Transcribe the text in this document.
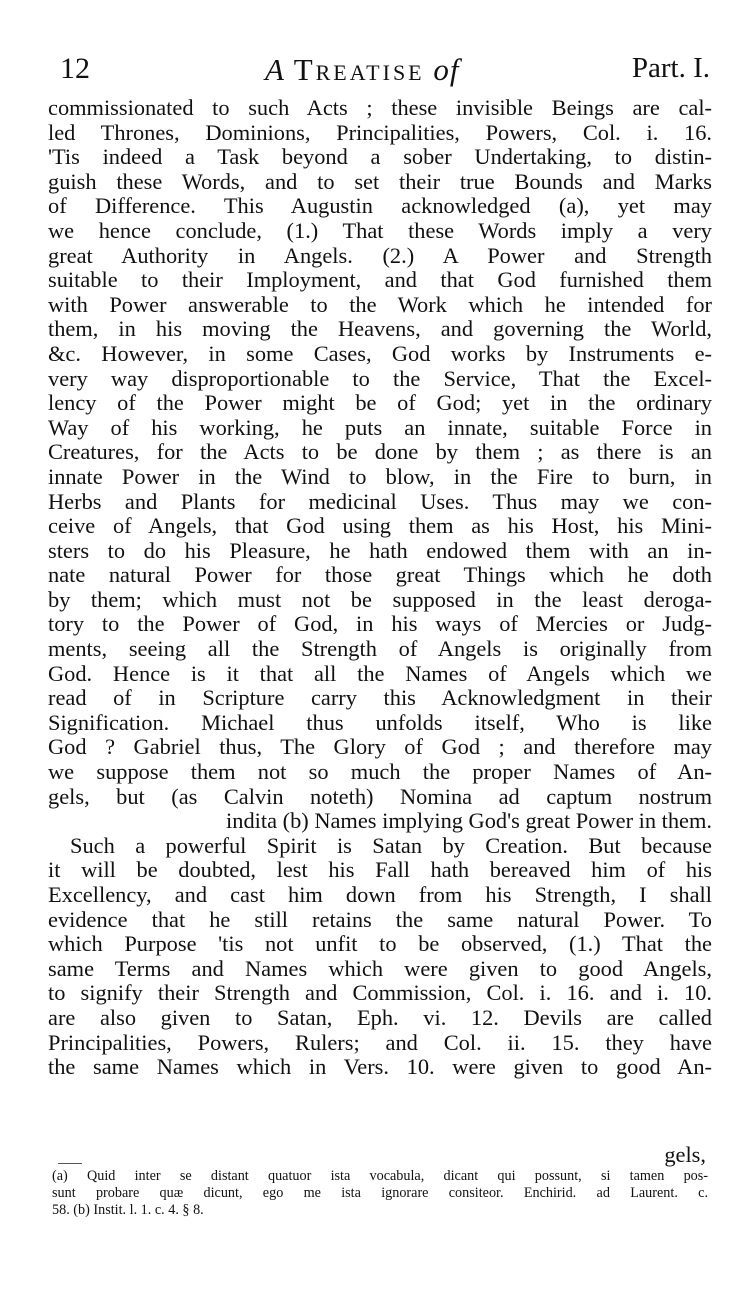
12	A Treatise of	Part. I.
commissionated to such Acts ; these invisible Beings are cal-
led Thrones, Dominions, Principalities, Powers, Col. i. 16.
'Tis indeed a Task beyond a sober Undertaking, to distin-
guish these Words, and to set their true Bounds and Marks
of Difference. This Augustin acknowledged (a), yet may
we hence conclude, (1.) That these Words imply a very
great Authority in Angels. (2.) A Power and Strength
suitable to their Imployment, and that God furnished them
with Power answerable to the Work which he intended for
them, in his moving the Heavens, and governing the World,
&c. However, in some Cases, God works by Instruments e-
very way disproportionable to the Service, That the Excel-
lency of the Power might be of God; yet in the ordinary
Way of his working, he puts an innate, suitable Force in
Creatures, for the Acts to be done by them ; as there is an
innate Power in the Wind to blow, in the Fire to burn, in
Herbs and Plants for medicinal Uses. Thus may we con-
ceive of Angels, that God using them as his Host, his Mini-
sters to do his Pleasure, he hath endowed them with an in-
nate natural Power for those great Things which he doth
by them; which must not be supposed in the least deroga-
tory to the Power of God, in his ways of Mercies or Judg-
ments, seeing all the Strength of Angels is originally from
God. Hence is it that all the Names of Angels which we
read of in Scripture carry this Acknowledgment in their
Signification. Michael thus unfolds itself, Who is like
God ? Gabriel thus, The Glory of God ; and therefore may
we suppose them not so much the proper Names of An-
gels, but (as Calvin noteth) Nomina ad captum nostrum
indita (b) Names implying God's great Power in them.
Such a powerful Spirit is Satan by Creation. But because
it will be doubted, lest his Fall hath bereaved him of his
Excellency, and cast him down from his Strength, I shall
evidence that he still retains the same natural Power. To
which Purpose 'tis not unfit to be observed, (1.) That the
same Terms and Names which were given to good Angels,
to signify their Strength and Commission, Col. i. 16. and i. 10.
are also given to Satan, Eph. vi. 12. Devils are called
Principalities, Powers, Rulers; and Col. ii. 15. they have
the same Names which in Vers. 10. were given to good An-
gels,
(a) Quid inter se distant quatuor ista vocabula, dicant qui possunt, si tamen pos-
sunt probare quæ dicunt, ego me ista ignorare consiteor. Enchirid. ad Laurent. c.
58. (b) Instit. l. 1. c. 4. § 8.
